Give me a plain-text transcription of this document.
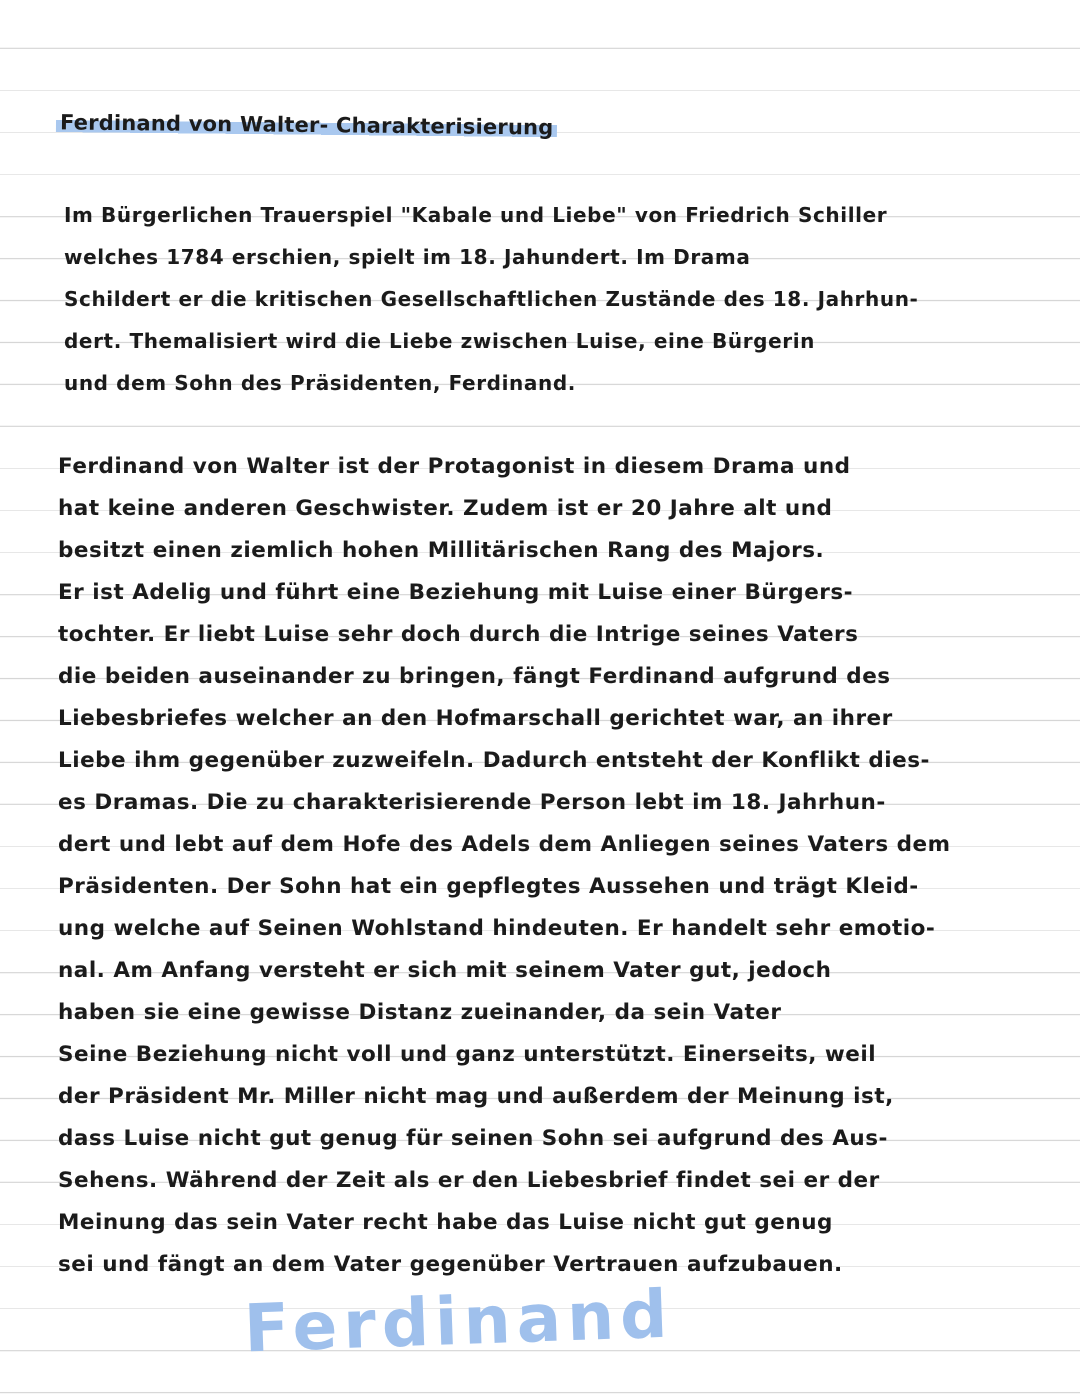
Ferdinand von Walter- Charakterisierung
Im Bürgerlichen Trauerspiel "Kabale und Liebe" von Friedrich Schiller
welches 1784 erschien, spielt im 18. Jahundert. Im Drama
Schildert er die kritischen Gesellschaftlichen Zustände des 18. Jahrhun-
dert. Themalisiert wird die Liebe zwischen Luise, eine Bürgerin
und dem Sohn des Präsidenten, Ferdinand.
Ferdinand von Walter ist der Protagonist in diesem Drama und
hat keine anderen Geschwister. Zudem ist er 20 Jahre alt und
besitzt einen ziemlich hohen Millitärischen Rang des Majors.
Er ist Adelig und führt eine Beziehung mit Luise einer Bürgers-
tochter. Er liebt Luise sehr doch durch die Intrige seines Vaters
die beiden auseinander zu bringen, fängt Ferdinand aufgrund des
Liebesbriefes welcher an den Hofmarschall gerichtet war, an ihrer
Liebe ihm gegenüber zuzweifeln. Dadurch entsteht der Konflikt dies-
es Dramas. Die zu charakterisierende Person lebt im 18. Jahrhun-
dert und lebt auf dem Hofe des Adels dem Anliegen seines Vaters dem
Präsidenten. Der Sohn hat ein gepflegtes Aussehen und trägt Kleid-
ung welche auf Seinen Wohlstand hindeuten. Er handelt sehr emotio-
nal. Am Anfang versteht er sich mit seinem Vater gut, jedoch
haben sie eine gewisse Distanz zueinander, da sein Vater
Seine Beziehung nicht voll und ganz unterstützt. Einerseits, weil
der Präsident Mr. Miller nicht mag und außerdem der Meinung ist,
dass Luise nicht gut genug für seinen Sohn sei aufgrund des Aus-
Sehens. Während der Zeit als er den Liebesbrief findet sei er der
Meinung das sein Vater recht habe das Luise nicht gut genug
sei und fängt an dem Vater gegenüber Vertrauen aufzubauen.
Ferdinand
